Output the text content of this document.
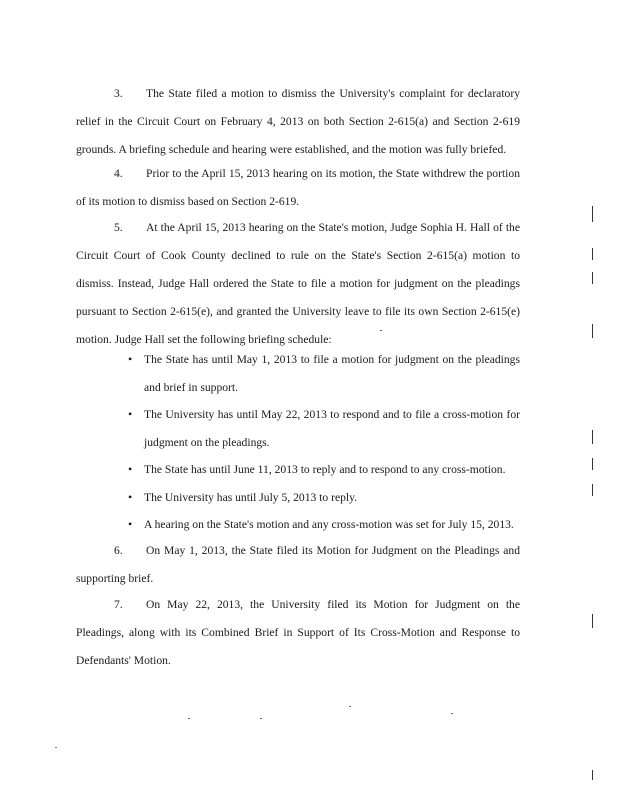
3. The State filed a motion to dismiss the University's complaint for declaratory relief in the Circuit Court on February 4, 2013 on both Section 2-615(a) and Section 2-619 grounds. A briefing schedule and hearing were established, and the motion was fully briefed.

4. Prior to the April 15, 2013 hearing on its motion, the State withdrew the portion of its motion to dismiss based on Section 2-619.

5. At the April 15, 2013 hearing on the State's motion, Judge Sophia H. Hall of the Circuit Court of Cook County declined to rule on the State's Section 2-615(a) motion to dismiss. Instead, Judge Hall ordered the State to file a motion for judgment on the pleadings pursuant to Section 2-615(e), and granted the University leave to file its own Section 2-615(e) motion. Judge Hall set the following briefing schedule:

• The State has until May 1, 2013 to file a motion for judgment on the pleadings and brief in support.
• The University has until May 22, 2013 to respond and to file a cross-motion for judgment on the pleadings.
• The State has until June 11, 2013 to reply and to respond to any cross-motion.
• The University has until July 5, 2013 to reply.
• A hearing on the State's motion and any cross-motion was set for July 15, 2013.

6. On May 1, 2013, the State filed its Motion for Judgment on the Pleadings and supporting brief.

7. On May 22, 2013, the University filed its Motion for Judgment on the Pleadings, along with its Combined Brief in Support of Its Cross-Motion and Response to Defendants' Motion.
